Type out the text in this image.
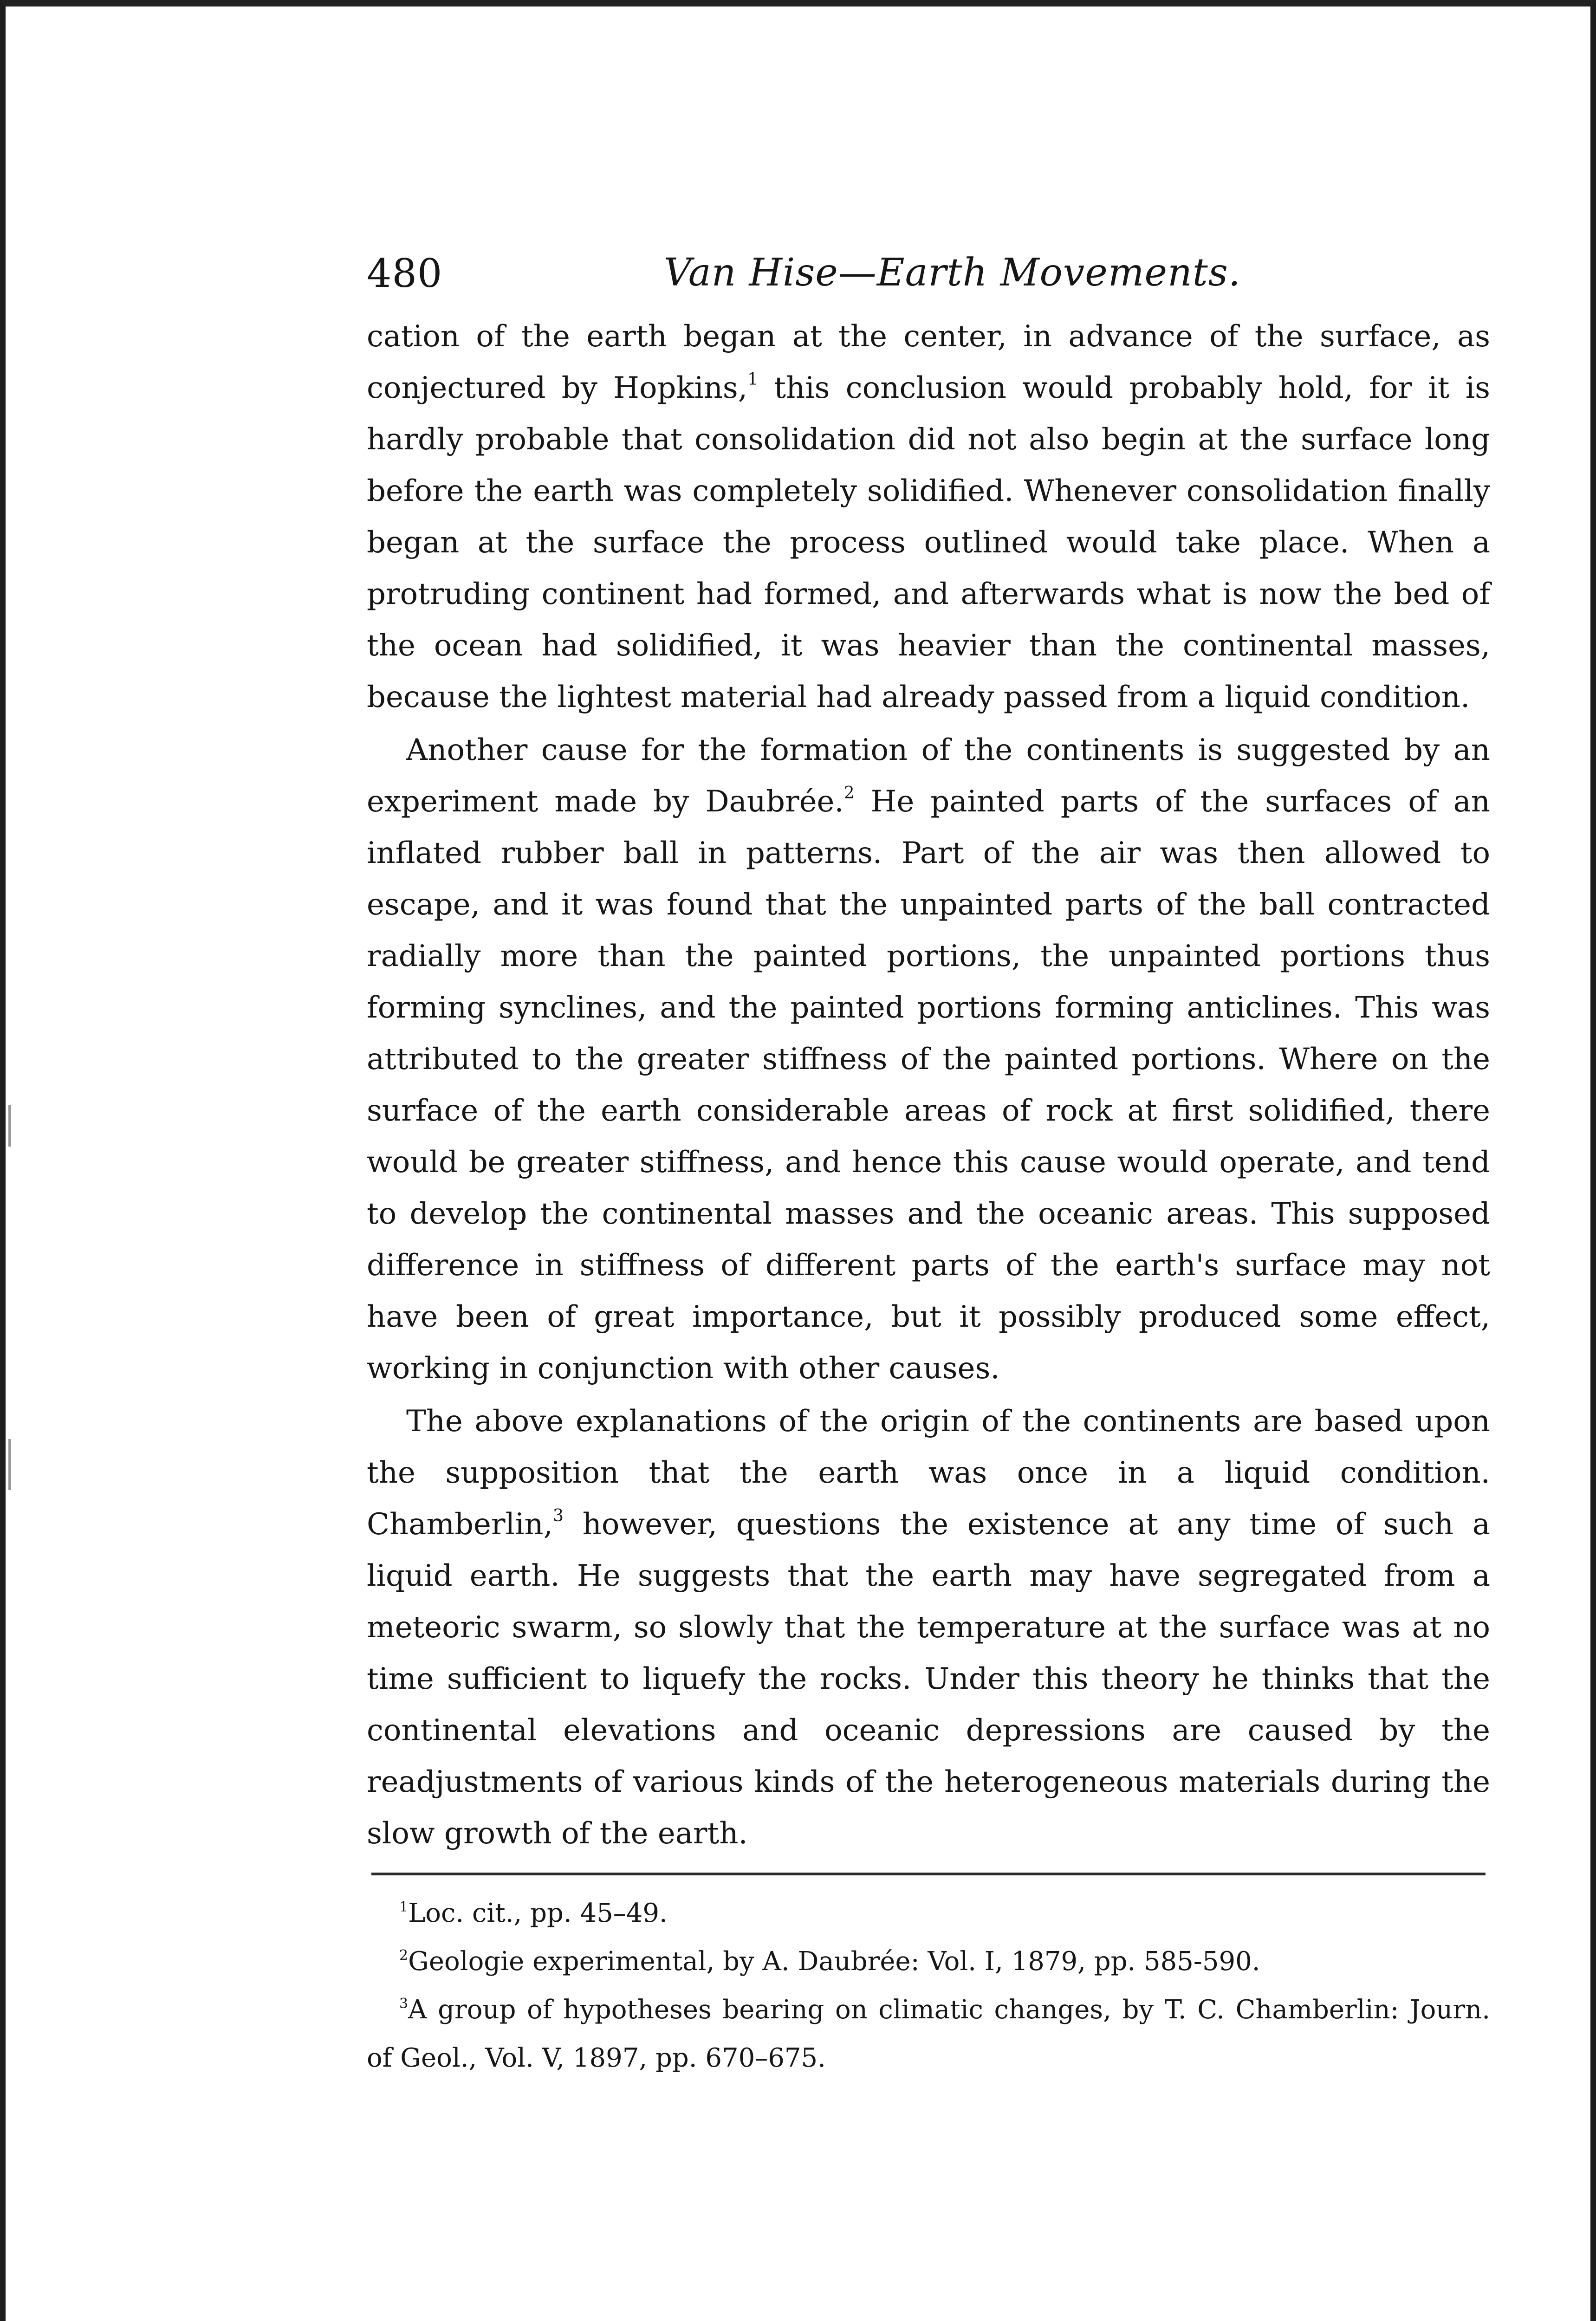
480	Van Hise—Earth Movements.

cation of the earth began at the center, in advance of the surface, as conjectured by Hopkins,$^1$ this conclusion would probably hold, for it is hardly probable that consolidation did not also begin at the surface long before the earth was completely solidified. Whenever consolidation finally began at the surface the process outlined would take place. When a protruding continent had formed, and afterwards what is now the bed of the ocean had solidified, it was heavier than the continental masses, because the lightest material had already passed from a liquid condition.

Another cause for the formation of the continents is suggested by an experiment made by Daubrée.$^2$ He painted parts of the surfaces of an inflated rubber ball in patterns. Part of the air was then allowed to escape, and it was found that the unpainted parts of the ball contracted radially more than the painted portions, the unpainted portions thus forming synclines, and the painted portions forming anticlines. This was attributed to the greater stiffness of the painted portions. Where on the surface of the earth considerable areas of rock at first solidified, there would be greater stiffness, and hence this cause would operate, and tend to develop the continental masses and the oceanic areas. This supposed difference in stiffness of different parts of the earth's surface may not have been of great importance, but it possibly produced some effect, working in conjunction with other causes.

The above explanations of the origin of the continents are based upon the supposition that the earth was once in a liquid condition. Chamberlin,$^3$ however, questions the existence at any time of such a liquid earth. He suggests that the earth may have segregated from a meteoric swarm, so slowly that the temperature at the surface was at no time sufficient to liquefy the rocks. Under this theory he thinks that the continental elevations and oceanic depressions are caused by the readjustments of various kinds of the heterogeneous materials during the slow growth of the earth.

$^1$Loc. cit., pp. 45–49.

$^2$Geologie experimental, by A. Daubrée: Vol. I, 1879, pp. 585-590.

$^3$A group of hypotheses bearing on climatic changes, by T. C. Chamberlin: Journ. of Geol., Vol. V, 1897, pp. 670–675.
